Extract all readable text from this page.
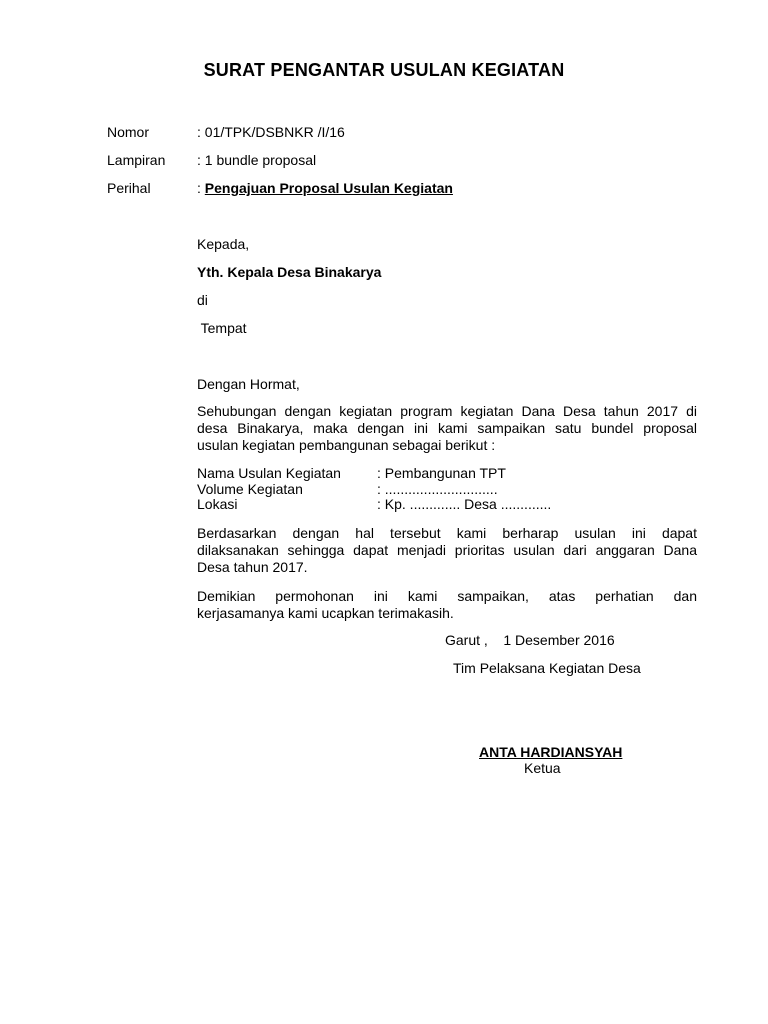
SURAT PENGANTAR USULAN KEGIATAN
Nomor	: 01/TPK/DSBNKR /I/16
Lampiran : 1 bundle proposal
Perihal	: Pengajuan Proposal Usulan Kegiatan
Kepada,
Yth. Kepala Desa Binakarya
di
Tempat
Dengan Hormat,
Sehubungan dengan kegiatan program kegiatan Dana Desa tahun 2017 di
desa Binakarya, maka dengan ini kami sampaikan satu bundel proposal
usulan kegiatan pembangunan sebagai berikut :
Nama Usulan Kegiatan	: Pembangunan TPT
Volume Kegiatan	: .............................
Lokasi	: Kp. ............. Desa .............
Berdasarkan dengan hal tersebut kami berharap usulan ini dapat
dilaksanakan sehingga dapat menjadi prioritas usulan dari anggaran Dana
Desa tahun 2017.
Demikian permohonan ini kami sampaikan, atas perhatian dan
kerjasamanya kami ucapkan terimakasih.
Garut ,    1 Desember 2016
Tim Pelaksana Kegiatan Desa
ANTA HARDIANSYAH
Ketua
